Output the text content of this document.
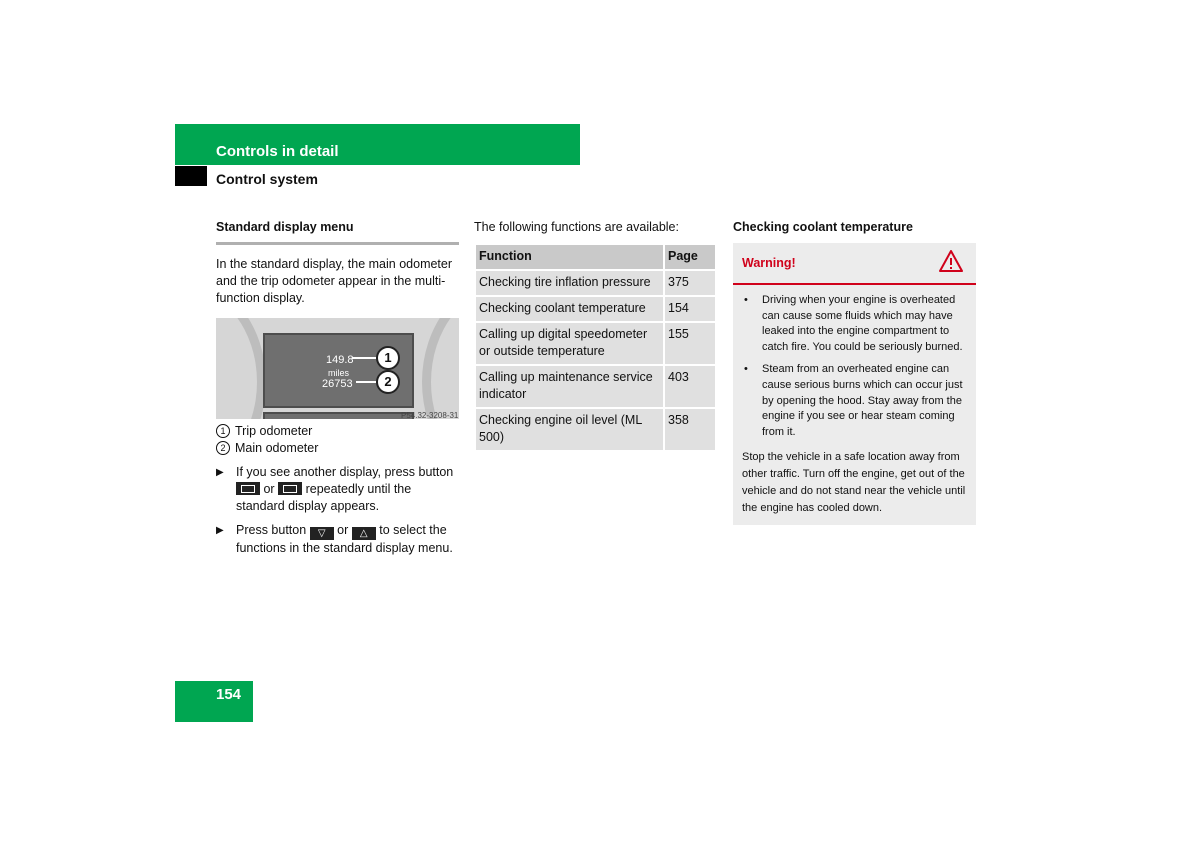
Controls in detail
Control system
Standard display menu
In the standard display, the main odometer and the trip odometer appear in the multi-function display.
149.8
miles
26753
1
2
P54.32-3208-31
1 Trip odometer
2 Main odometer
▶ If you see another display, press button  or repeatedly until the standard display appears.
▶ Press button ▽ or △ to select the functions in the standard display menu.
The following functions are available:
Function	Page
Checking tire inflation pressure	375
Checking coolant temperature	154
Calling up digital speedometer or outside temperature	155
Calling up maintenance service indicator	403
Checking engine oil level (ML 500)	358
Checking coolant temperature
Warning!
• Driving when your engine is overheated can cause some fluids which may have leaked into the engine compartment to catch fire. You could be seriously burned.
• Steam from an overheated engine can cause serious burns which can occur just by opening the hood. Stay away from the engine if you see or hear steam coming from it.
Stop the vehicle in a safe location away from other traffic. Turn off the engine, get out of the vehicle and do not stand near the vehicle until the engine has cooled down.
154
